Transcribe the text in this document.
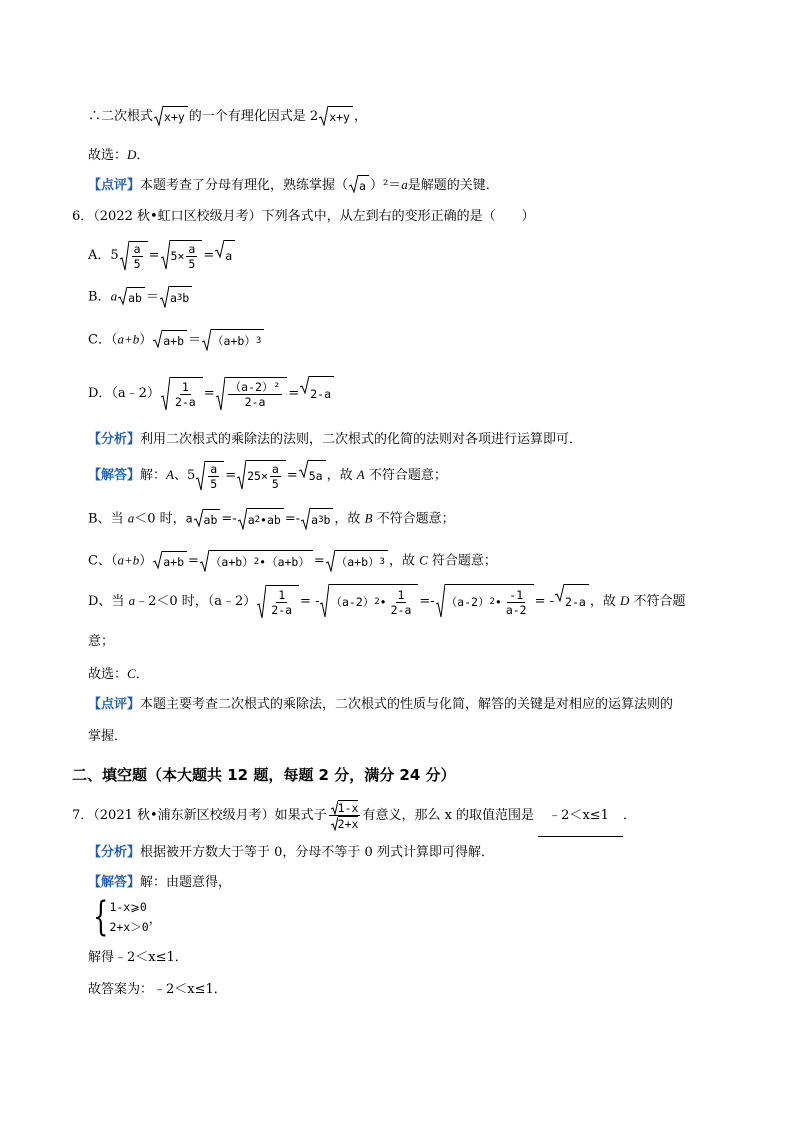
∴二次根式 x+y 的一个有理化因式是 2 x+y ，
故选：D．
【点评】本题考查了分母有理化，熟练掌握（ a ）²＝a是解题的关键．
6．（2022 秋•虹口区校级月考）下列各式中，从左到右的变形正确的是（　　）
A．5 a
5
= $5\times \frac{a}{5} = a$
B．a ab ＝ a 3 b
C．（a+b） a+b ＝ （a+b） 3
D．（a﹣2） 1
2-a
= （a-2）²
2-a
= 2-a
【分析】利用二次根式的乘除法的法则，二次根式的化简的法则对各项进行运算即可．
【解答】解：A、5 a
5
= $25\times \frac{a}{5} = 5a$ ，故 A 不符合题意；
B、当 a＜0 时，a ab =- a 2 •ab =- a 3 b ，故 B 不符合题意；
C、（a+b） a+b = （a+b） 2 •（a+b） = （a+b） 3 ，故 C 符合题意；
D、当 a﹣2＜0 时，（a﹣2） 1
2-a
= - （a-2） 2 •
1
2-a
=- （a-2） 2 •
-1
a-2
= - 2-a ，故 D 不符合题
意；
故选：C．
【点评】本题主要考查二次根式的乘除法，二次根式的性质与化简，解答的关键是对相应的运算法则的
掌握．
二、填空题（本大题共 12 题，每题 2 分，满分 24 分）
7．（2021 秋•浦东新区校级月考）如果式子 $\frac{1-x}{2+x}$ 有意义，那么 x 的取值范围是 ﹣2＜x≤1 ．
【分析】根据被开方数大于等于 0，分母不等于 0 列式计算即可得解．
【解答】解：由题意得，
{ 1-x⩾0
2+x＞0
，
解得﹣2＜x≤1．
故答案为：﹣2＜x≤1．
